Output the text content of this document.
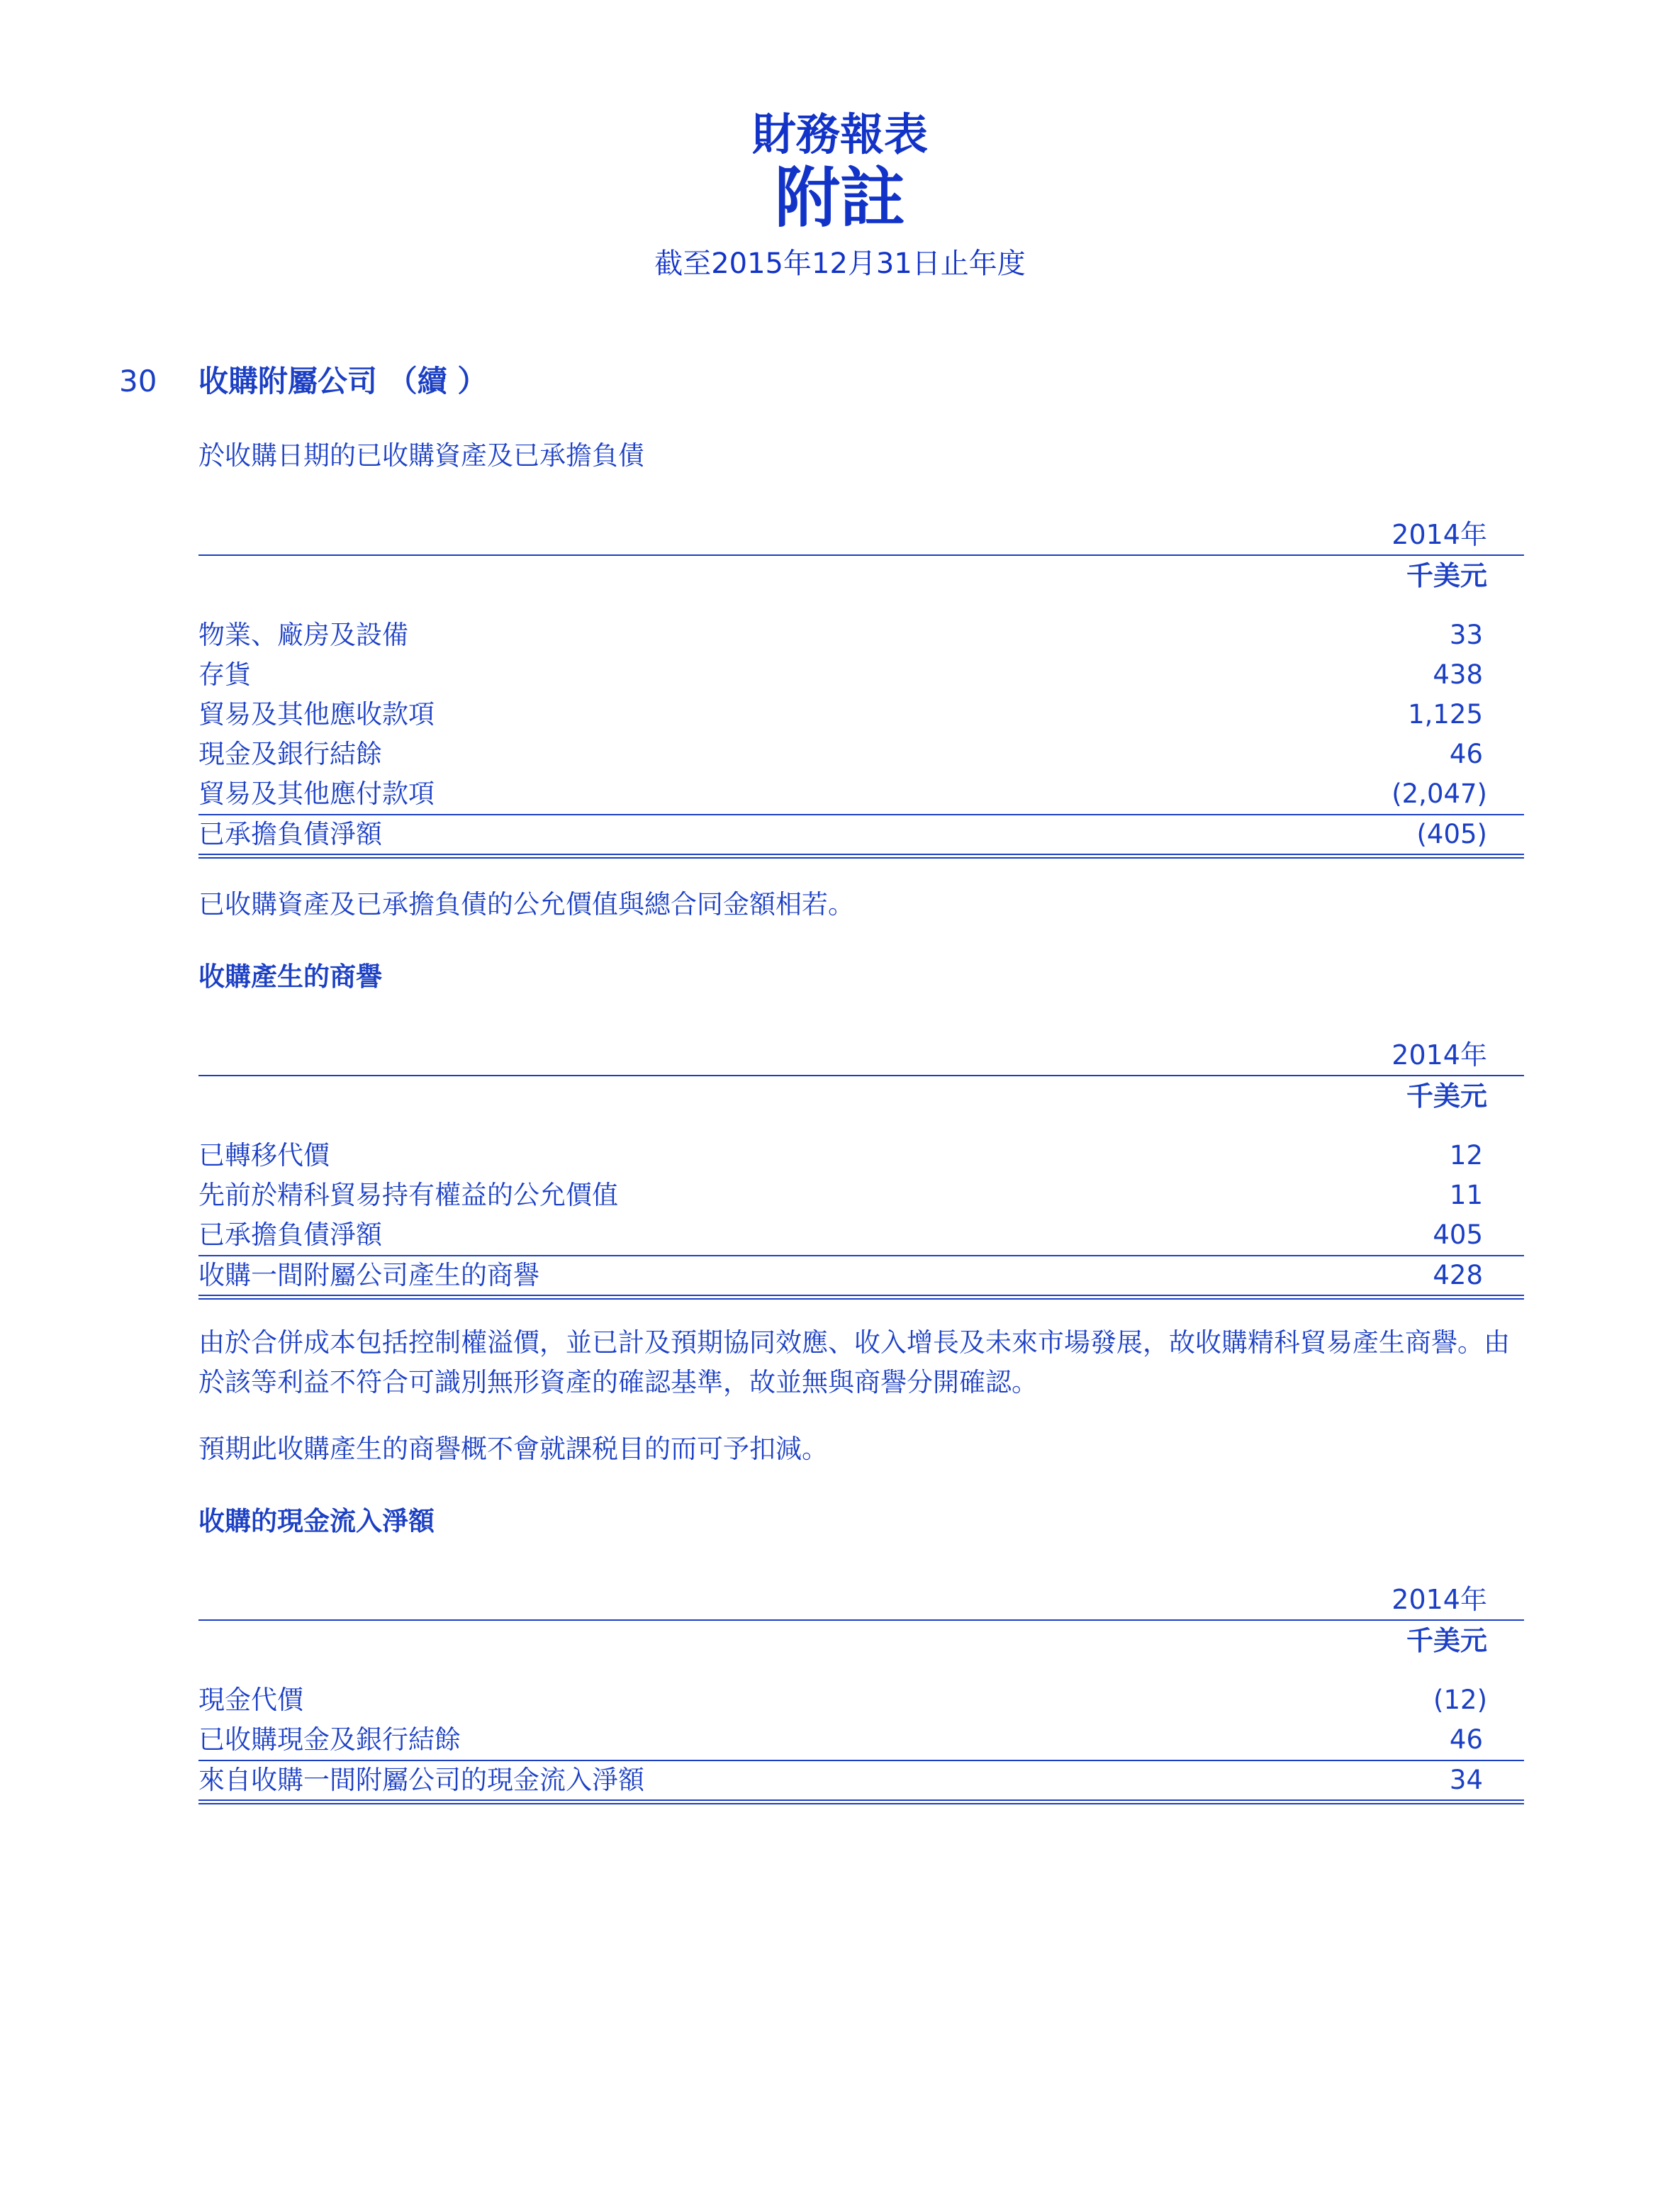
財務報表
附註
截至2015年12月31日止年度
30 收購附屬公司 （續 ）
於收購日期的已收購資產及已承擔負債
2014年
千美元
物業、廠房及設備	33
存貨	438
貿易及其他應收款項	1,125
現金及銀行結餘	46
貿易及其他應付款項	(2,047)
已承擔負債淨額	(405)
已收購資產及已承擔負債的公允價值與總合同金額相若。
收購產生的商譽
2014年
千美元
已轉移代價	12
先前於精科貿易持有權益的公允價值	11
已承擔負債淨額	405
收購一間附屬公司產生的商譽	428
由於合併成本包括控制權溢價，並已計及預期協同效應、收入增長及未來市場發展，故收購精科貿易產生商譽。由於該等利益不符合可識別無形資產的確認基準，故並無與商譽分開確認。
預期此收購產生的商譽概不會就課税目的而可予扣減。
收購的現金流入淨額
2014年
千美元
現金代價	(12)
已收購現金及銀行結餘	46
來自收購一間附屬公司的現金流入淨額	34
